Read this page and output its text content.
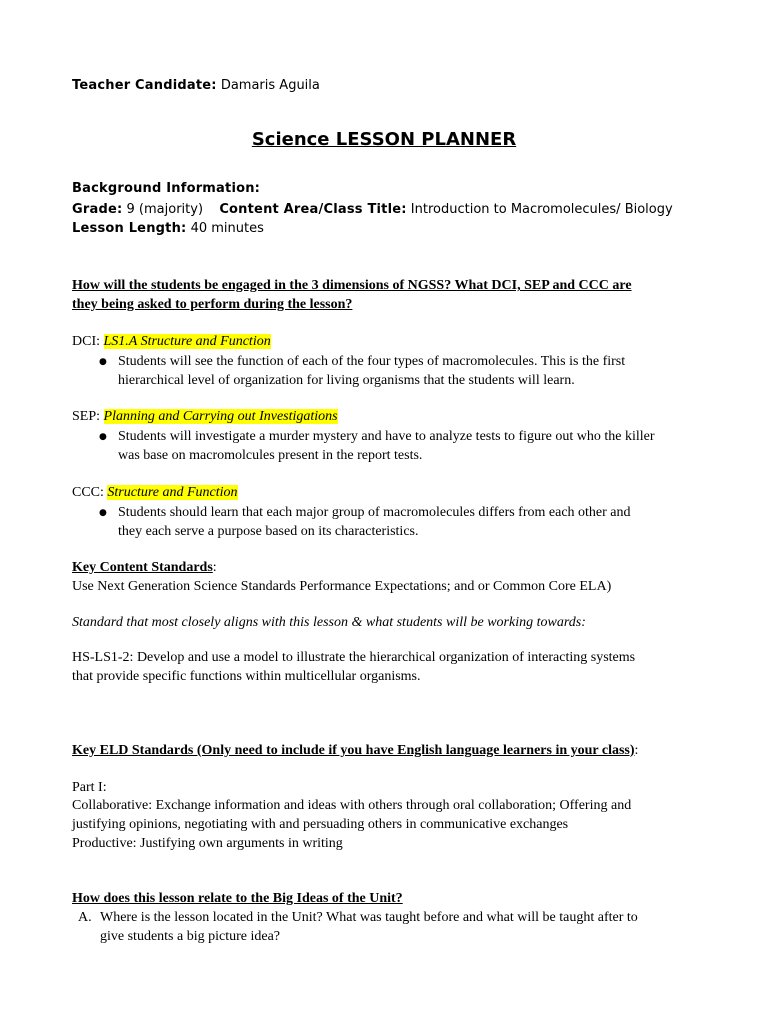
Teacher Candidate: Damaris Aguila
Science LESSON PLANNER
Background Information:
Grade: 9 (majority) Content Area/Class Title: Introduction to Macromolecules/ Biology
Lesson Length: 40 minutes
How will the students be engaged in the 3 dimensions of NGSS? What DCI, SEP and CCC are
they being asked to perform during the lesson?
DCI: LS1.A Structure and Function
● Students will see the function of each of the four types of macromolecules. This is the first
hierarchical level of organization for living organisms that the students will learn.
SEP: Planning and Carrying out Investigations
● Students will investigate a murder mystery and have to analyze tests to figure out who the killer
was base on macromolcules present in the report tests.
CCC: Structure and Function
● Students should learn that each major group of macromolecules differs from each other and
they each serve a purpose based on its characteristics.
Key Content Standards:
Use Next Generation Science Standards Performance Expectations; and or Common Core ELA)
Standard that most closely aligns with this lesson & what students will be working towards:
HS-LS1-2: Develop and use a model to illustrate the hierarchical organization of interacting systems
that provide specific functions within multicellular organisms.
Key ELD Standards (Only need to include if you have English language learners in your class):
Part I:
Collaborative: Exchange information and ideas with others through oral collaboration; Offering and
justifying opinions, negotiating with and persuading others in communicative exchanges
Productive: Justifying own arguments in writing
How does this lesson relate to the Big Ideas of the Unit?
A. Where is the lesson located in the Unit? What was taught before and what will be taught after to
give students a big picture idea?
